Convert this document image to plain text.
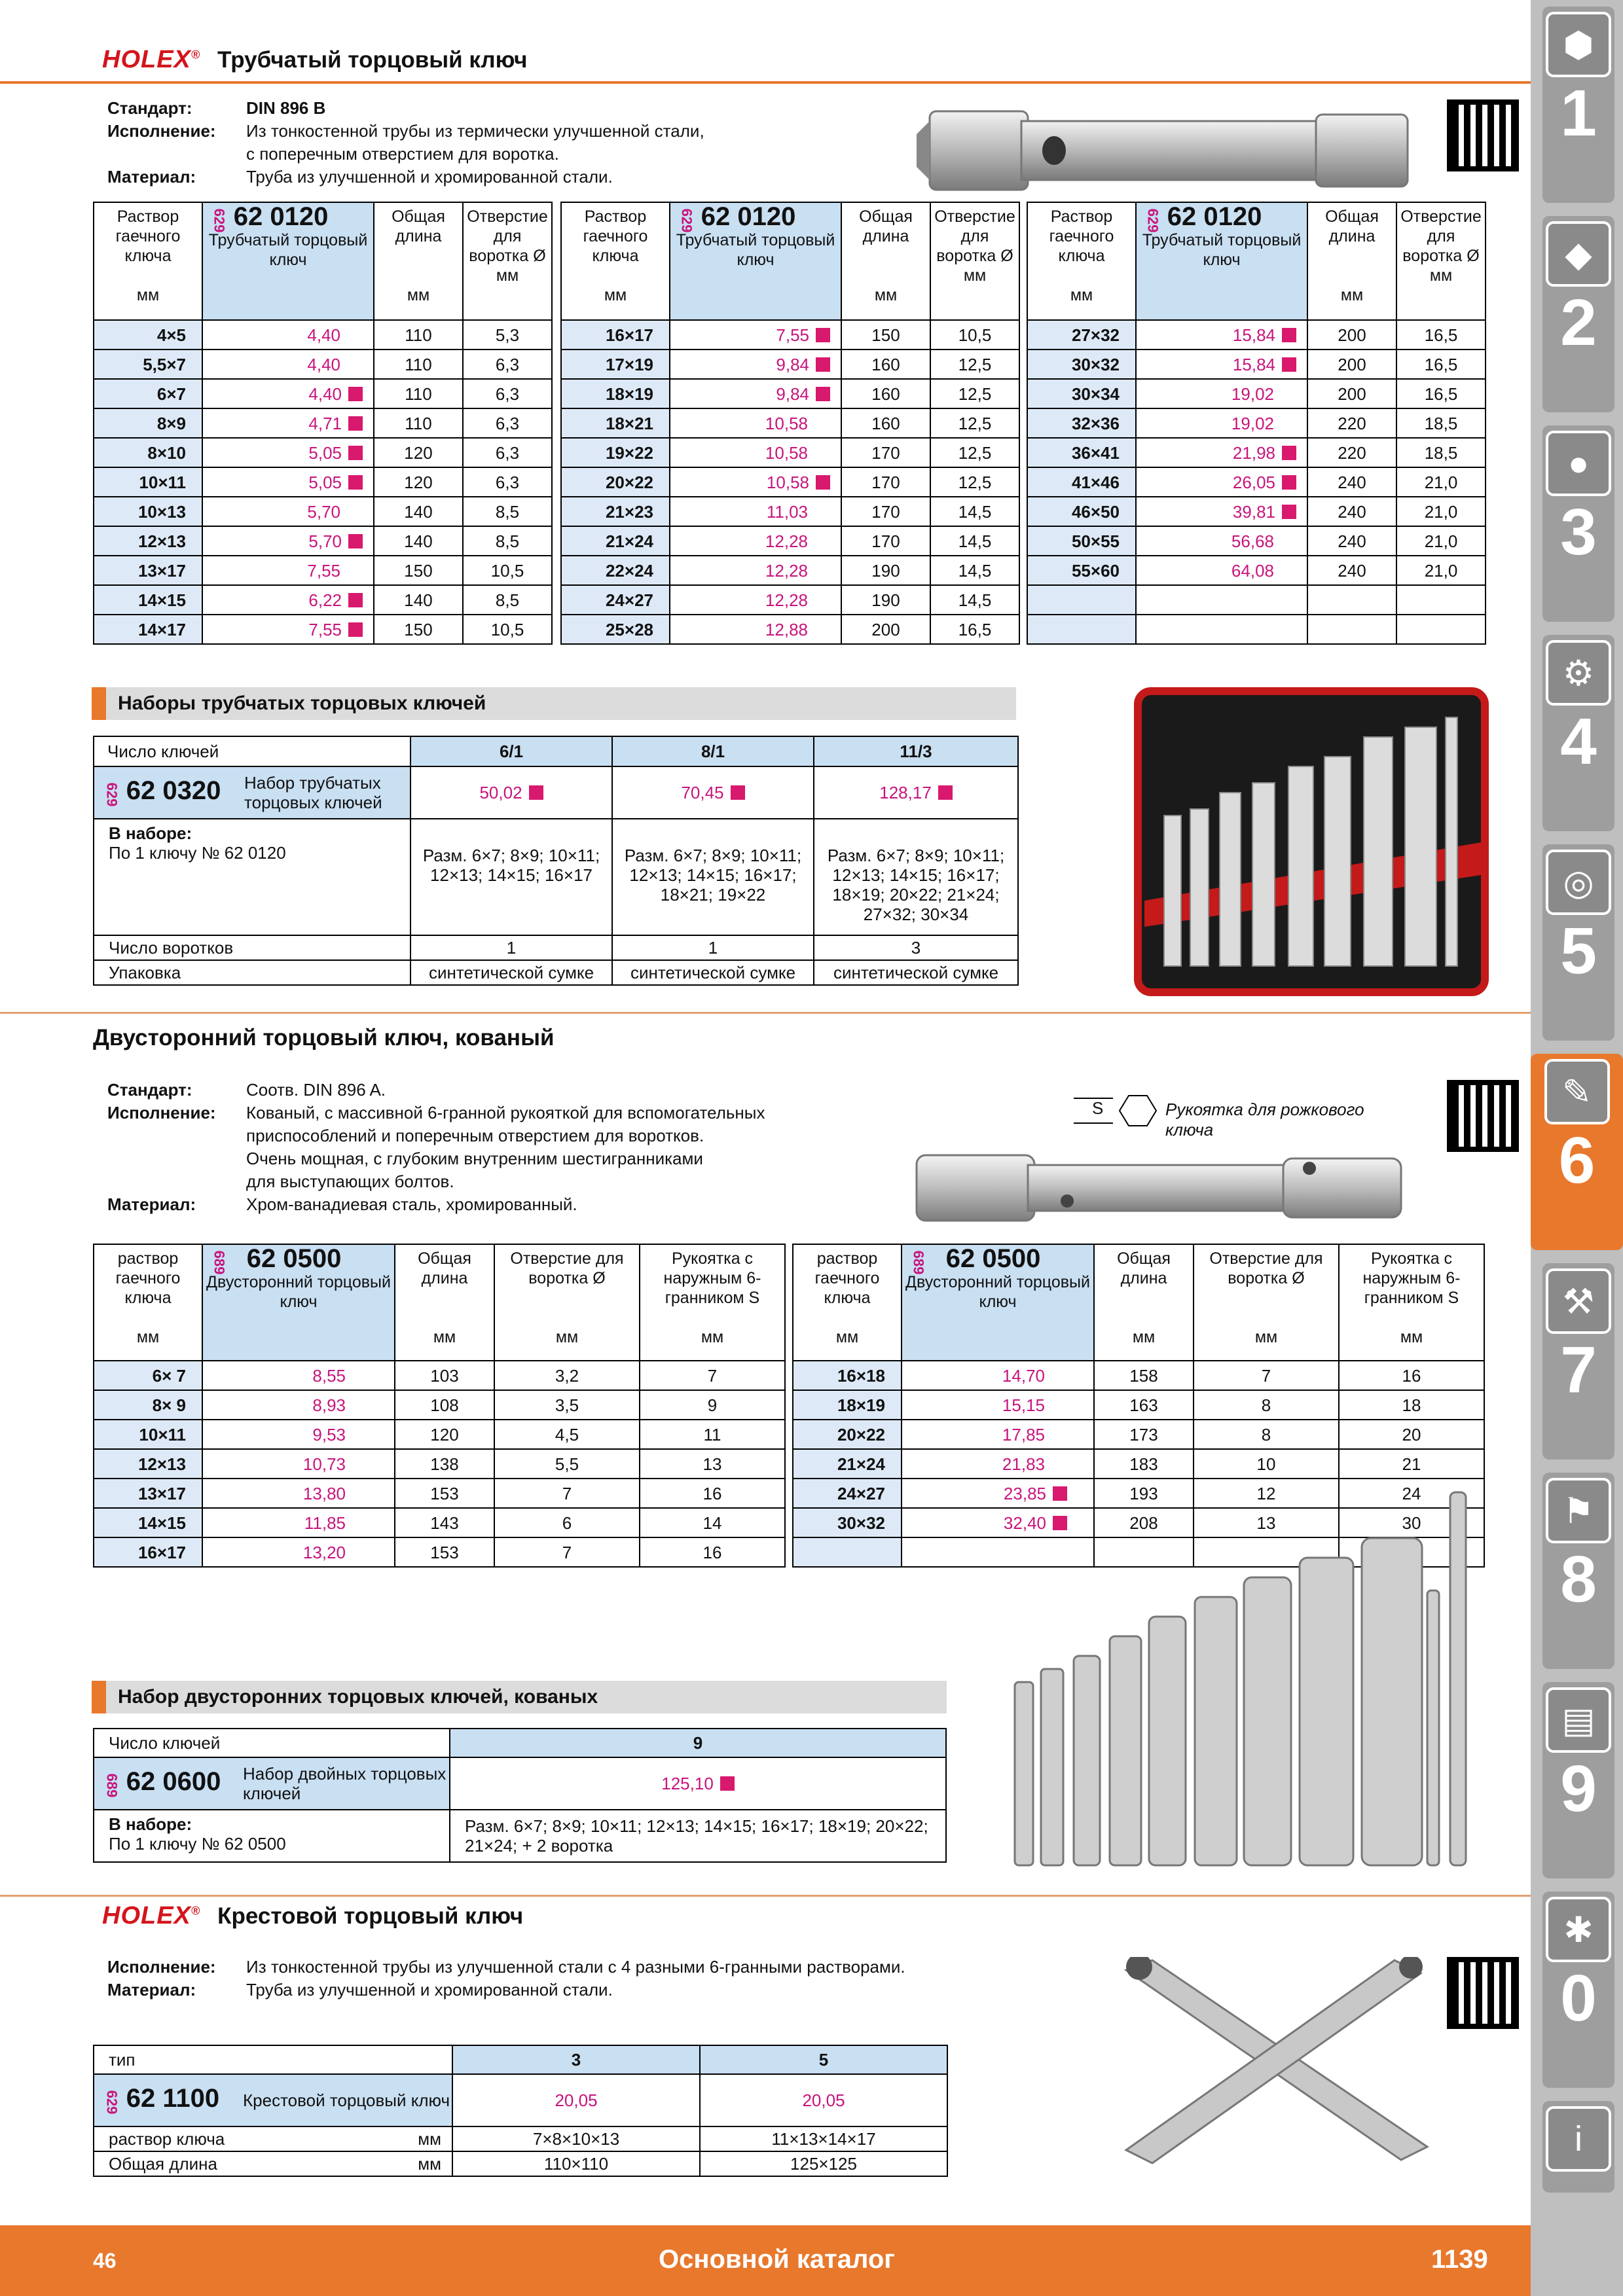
HOLEX® Трубчатый торцовый ключ
Стандарт:	DIN 896 B
Исполнение:	Из тонкостенной трубы из термически улучшенной стали,
с поперечным отверстием для воротка.
Материал:	Труба из улучшенной и хромированной стали.
Раствор гаечного ключа

мм	629 62 0120
Трубчатый торцовый ключ	Общая длина

мм	Отверстие для воротка Ø
мм
4×5	4,40	110	5,3
5,5×7	4,40	110	6,3
6×7	4,40	110	6,3
8×9	4,71	110	6,3
8×10	5,05	120	6,3
10×11	5,05	120	6,3
10×13	5,70	140	8,5
12×13	5,70	140	8,5
13×17	7,55	150	10,5
14×15	6,22	140	8,5
14×17	7,55	150	10,5
Раствор гаечного ключа

мм	629 62 0120
Трубчатый торцовый ключ	Общая длина

мм	Отверстие для воротка Ø
мм
16×17	7,55	150	10,5
17×19	9,84	160	12,5
18×19	9,84	160	12,5
18×21	10,58	160	12,5
19×22	10,58	170	12,5
20×22	10,58	170	12,5
21×23	11,03	170	14,5
21×24	12,28	170	14,5
22×24	12,28	190	14,5
24×27	12,28	190	14,5
25×28	12,88	200	16,5
Раствор гаечного ключа

мм	629 62 0120
Трубчатый торцовый ключ	Общая длина

мм	Отверстие для воротка Ø
мм
27×32	15,84	200	16,5
30×32	15,84	200	16,5
30×34	19,02	200	16,5
32×36	19,02	220	18,5
36×41	21,98	220	18,5
41×46	26,05	240	21,0
46×50	39,81	240	21,0
50×55	56,68	240	21,0
55×60	64,08	240	21,0

Наборы трубчатых торцовых ключей
Число ключей		6/1	8/1	11/3
629 62 0320	Набор трубчатых торцовых ключей	50,02	70,45	128,17
В наборе:
По 1 ключу № 62 0120		Разм. 6×7; 8×9; 10×11; 12×13; 14×15; 16×17	Разм. 6×7; 8×9; 10×11; 12×13; 14×15; 16×17; 18×21; 19×22	Разм. 6×7; 8×9; 10×11; 12×13; 14×15; 16×17; 18×19; 20×22; 21×24; 27×32; 30×34
Число воротков		1	1	3
Упаковка		синтетической сумке	синтетической сумке	синтетической сумке
Двусторонний торцовый ключ, кованый
Стандарт:	Соотв. DIN 896 A.
Исполнение:	Кованый, с массивной 6-гранной рукояткой для вспомогательных
приспособлений и поперечным отверстием для воротков.
Очень мощная, с глубоким внутренним шестигранниками
для выступающих болтов.
Материал:	Хром-ванадиевая сталь, хромированный.
S	Рукоятка для рожкового ключа
раствор гаечного ключа

мм	689 62 0500
Двусторонний торцовый ключ	Общая длина

мм	Отверстие для воротка Ø

мм	Рукоятка с наружным 6-гранником S

мм
6× 7	8,55	103	3,2	7
8× 9	8,93	108	3,5	9
10×11	9,53	120	4,5	11
12×13	10,73	138	5,5	13
13×17	13,80	153	7	16
14×15	11,85	143	6	14
16×17	13,20	153	7	16
раствор гаечного ключа

мм	689 62 0500
Двусторонний торцовый ключ	Общая длина

мм	Отверстие для воротка Ø

мм	Рукоятка с наружным 6-гранником S

мм
16×18	14,70	158	7	16
18×19	15,15	163	8	18
20×22	17,85	173	8	20
21×24	21,83	183	10	21
24×27	23,85	193	12	24
30×32	32,40	208	13	30

Набор двусторонних торцовых ключей, кованых
Число ключей		9
689 62 0600	Набор двойных торцовых ключей	125,10
В наборе:
По 1 ключу № 62 0500		Разм. 6×7; 8×9; 10×11; 12×13; 14×15; 16×17; 18×19; 20×22; 21×24; + 2 воротка
HOLEX® Крестовой торцовый ключ
Исполнение:	Из тонкостенной трубы из улучшенной стали с 4 разными 6-гранными растворами.
Материал:	Труба из улучшенной и хромированной стали.
тип		3	5
629 62 1100	Крестовой торцовый ключ	20,05	20,05
раствор ключа мм		7×8×10×13	11×13×14×17
Общая длина мм		110×110	125×125
⬢
1
◆
2
●
3
⚙
4
◎
5
✎
6
⚒
7
⚑
8
▤
9
✱
0
i
46	Основной каталог	1139
